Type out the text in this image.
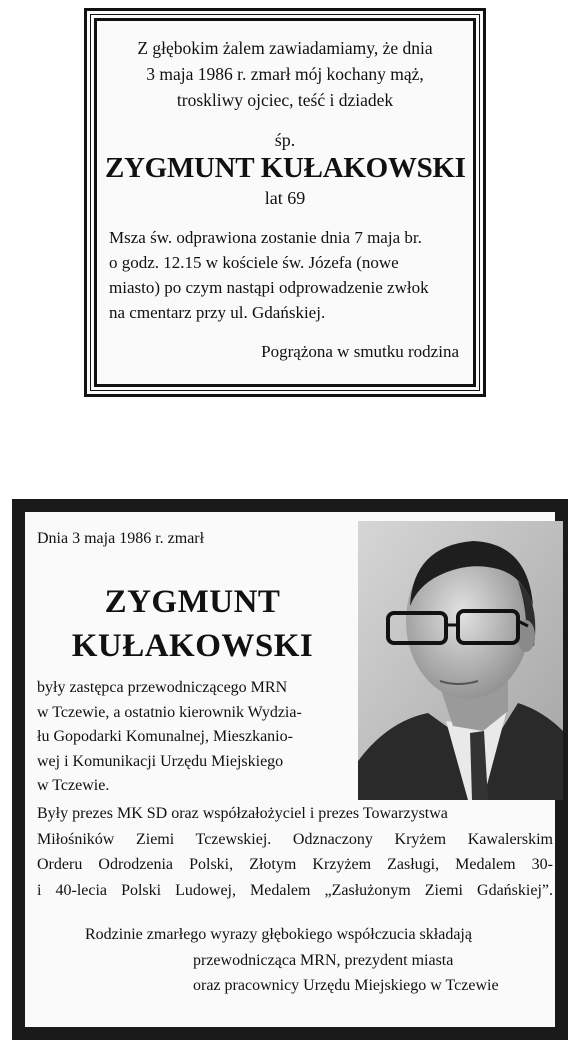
Z głębokim żalem zawiadamiamy, że dnia
3 maja 1986 r. zmarł mój kochany mąż,
troskliwy ojciec, teść i dziadek
śp.
ZYGMUNT KUŁAKOWSKI
lat 69
Msza św. odprawiona zostanie dnia 7 maja br.
o godz. 12.15 w kościele św. Józefa (nowe
miasto) po czym nastąpi odprowadzenie zwłok
na cmentarz przy ul. Gdańskiej.
Pogrążona w smutku rodzina
Dnia 3 maja 1986 r. zmarł
ZYGMUNT
KUŁAKOWSKI
były zastępca przewodniczącego MRN
w Tczewie, a ostatnio kierownik Wydzia-
łu Gopodarki Komunalnej, Mieszkanio-
wej i Komunikacji Urzędu Miejskiego
w Tczewie.
Były prezes MK SD oraz współzałożyciel i prezes Towarzystwa
Miłośników Ziemi Tczewskiej. Odznaczony Kryżem Kawalerskim
Orderu Odrodzenia Polski, Złotym Krzyżem Zasługi, Medalem 30-
i 40-lecia Polski Ludowej, Medalem „Zasłużonym Ziemi Gdańskiej”.
Rodzinie zmarłego wyrazy głębokiego współczucia składają
przewodnicząca MRN, prezydent miasta
oraz pracownicy Urzędu Miejskiego w Tczewie
